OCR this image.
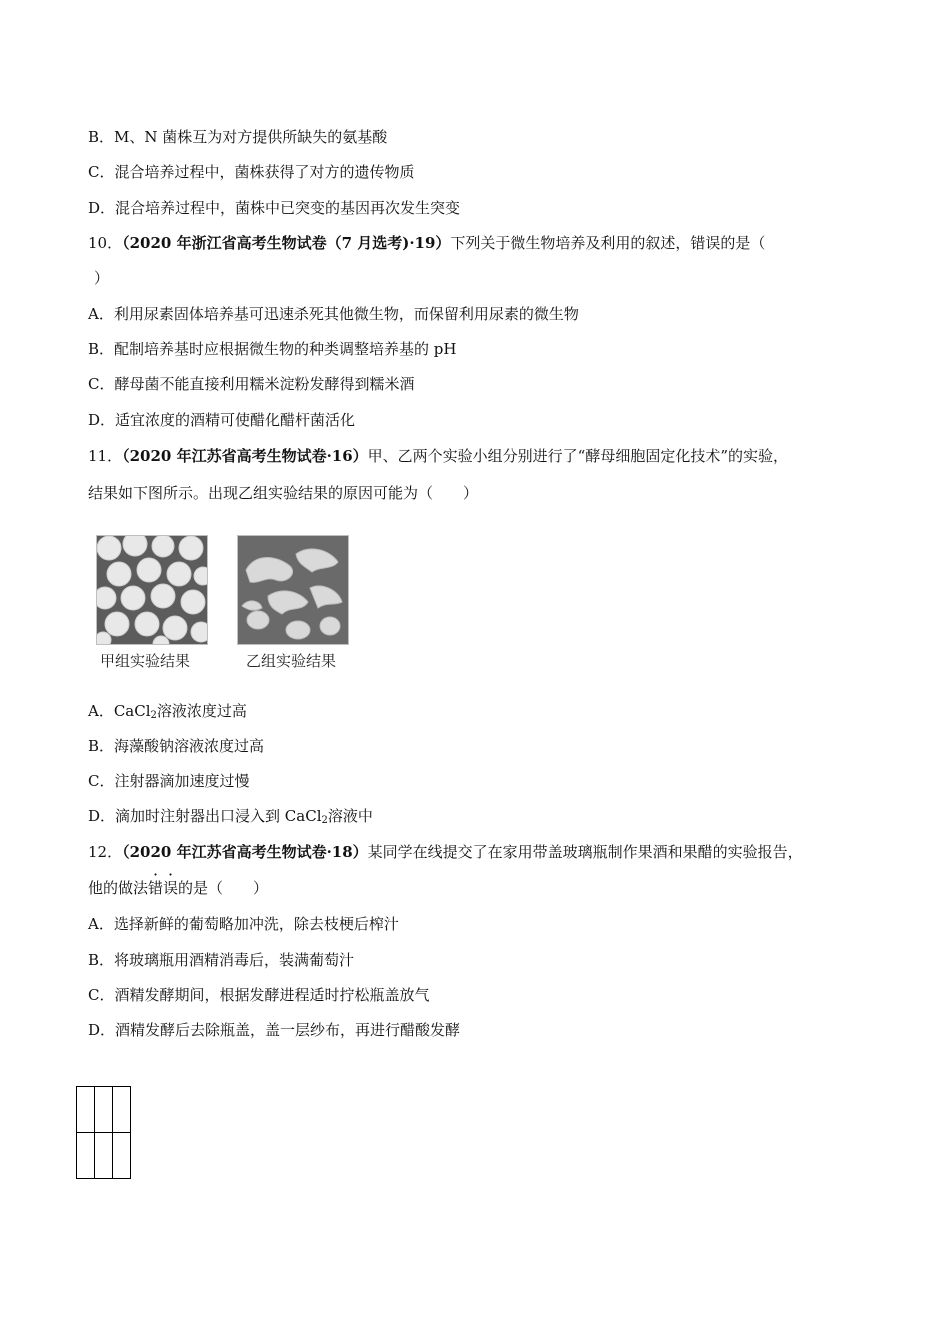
B．M、N 菌株互为对方提供所缺失的氨基酸
C．混合培养过程中，菌株获得了对方的遗传物质
D．混合培养过程中，菌株中已突变的基因再次发生突变
10．（2020 年浙江省高考生物试卷（7 月选考)·19）下列关于微生物培养及利用的叙述，错误的是（
）
A．利用尿素固体培养基可迅速杀死其他微生物，而保留利用尿素的微生物
B．配制培养基时应根据微生物的种类调整培养基的 pH
C．酵母菌不能直接利用糯米淀粉发酵得到糯米酒
D．适宜浓度的酒精可使醋化醋杆菌活化
11．（2020 年江苏省高考生物试卷·16）甲、乙两个实验小组分别进行了“酵母细胞固定化技术”的实验，
结果如下图所示。出现乙组实验结果的原因可能为（　　）
甲组实验结果	乙组实验结果
A．CaCl$_2$溶液浓度过高
B．海藻酸钠溶液浓度过高
C．注射器滴加速度过慢
D．滴加时注射器出口浸入到 CaCl$_2$溶液中
12．（2020 年江苏省高考生物试卷·18）某同学在线提交了在家用带盖玻璃瓶制作果酒和果醋的实验报告，
他的做法错误的是（　　）
A．选择新鲜的葡萄略加冲洗，除去枝梗后榨汁
B．将玻璃瓶用酒精消毒后，装满葡萄汁
C．酒精发酵期间，根据发酵进程适时拧松瓶盖放气
D．酒精发酵后去除瓶盖，盖一层纱布，再进行醋酸发酵
